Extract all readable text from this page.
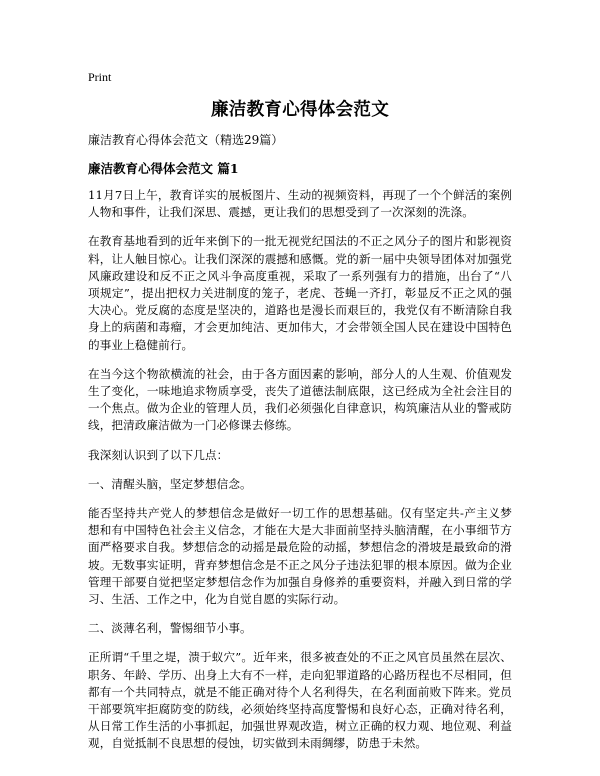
Print
廉洁教育心得体会范文
廉洁教育心得体会范文（精选29篇）
廉洁教育心得体会范文 篇1

11月7日上午，教育详实的展板图片、生动的视频资料，再现了一个个鲜活的案例人物和事件，让我们深思、震撼，更让我们的思想受到了一次深刻的洗涤。

在教育基地看到的近年来倒下的一批无视党纪国法的不正之风分子的图片和影视资料，让人触目惊心。让我们深深的震撼和感慨。党的新一届中央领导团体对加强党风廉政建设和反不正之风斗争高度重视，采取了一系列强有力的措施，出台了“八项规定”，提出把权力关进制度的笼子，老虎、苍蝇一齐打，彰显反不正之风的强大决心。党反腐的态度是坚决的，道路也是漫长而艰巨的，我党仅有不断清除自我身上的病菌和毒瘤，才会更加纯洁、更加伟大，才会带领全国人民在建设中国特色的事业上稳健前行。

在当今这个物欲横流的社会，由于各方面因素的影响，部分人的人生观、价值观发生了变化，一味地追求物质享受，丧失了道德法制底限，这已经成为全社会注目的一个焦点。做为企业的管理人员，我们必须强化自律意识，构筑廉洁从业的警戒防线，把清政廉洁做为一门必修课去修练。

我深刻认识到了以下几点：

一、清醒头脑，坚定梦想信念。

能否坚持共产党人的梦想信念是做好一切工作的思想基础。仅有坚定共-产主义梦想和有中国特色社会主义信念，才能在大是大非面前坚持头脑清醒，在小事细节方面严格要求自我。梦想信念的动摇是最危险的动摇，梦想信念的滑坡是最致命的滑坡。无数事实证明，背弃梦想信念是不正之风分子违法犯罪的根本原因。做为企业管理干部要自觉把坚定梦想信念作为加强自身修养的重要资料，并融入到日常的学习、生活、工作之中，化为自觉自愿的实际行动。

二、淡薄名利，警惕细节小事。

正所谓“千里之堤，溃于蚁穴”。近年来，很多被查处的不正之风官员虽然在层次、职务、年龄、学历、出身上大有不一样，走向犯罪道路的心路历程也不尽相同，但都有一个共同特点，就是不能正确对待个人名利得失，在名利面前败下阵来。党员干部要筑牢拒腐防变的防线，必须始终坚持高度警惕和良好心态，正确对待名利，从日常工作生活的小事抓起，加强世界观改造，树立正确的权力观、地位观、利益观，自觉抵制不良思想的侵蚀，切实做到未雨绸缪，防患于未然。
